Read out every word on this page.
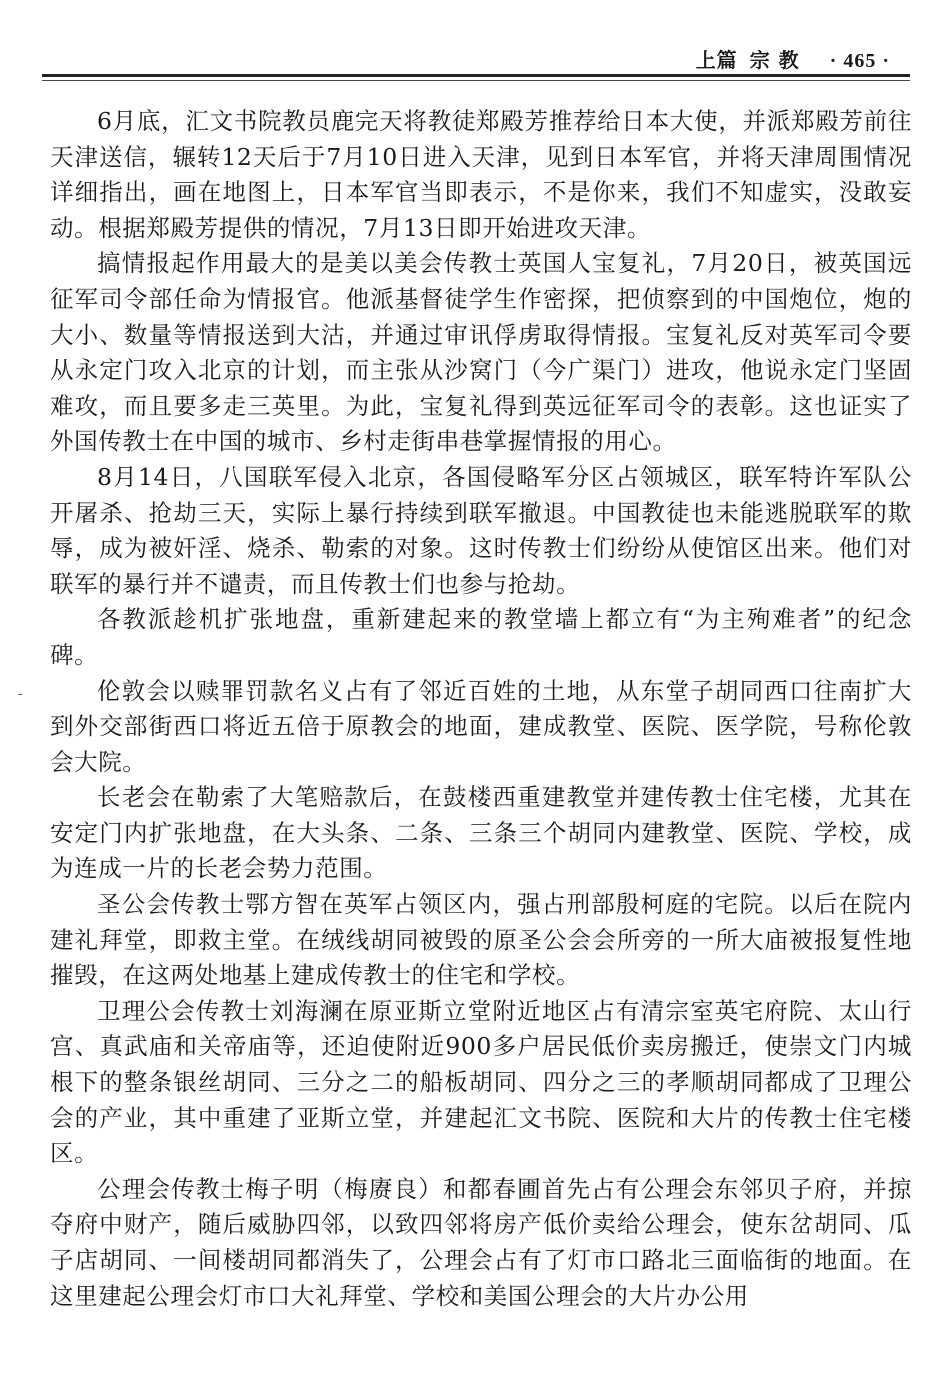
上篇 宗 教 · 465 ·
-

6月底，汇文书院教员鹿完天将教徒郑殿芳推荐给日本大使，并派郑殿芳前往天津送信，辗转12天后于7月10日进入天津，见到日本军官，并将天津周围情况详细指出，画在地图上，日本军官当即表示，不是你来，我们不知虚实，没敢妄动。根据郑殿芳提供的情况，7月13日即开始进攻天津。

搞情报起作用最大的是美以美会传教士英国人宝复礼，7月20日，被英国远征军司令部任命为情报官。他派基督徒学生作密探，把侦察到的中国炮位，炮的大小、数量等情报送到大沽，并通过审讯俘虏取得情报。宝复礼反对英军司令要从永定门攻入北京的计划，而主张从沙窝门（今广渠门）进攻，他说永定门坚固难攻，而且要多走三英里。为此，宝复礼得到英远征军司令的表彰。这也证实了外国传教士在中国的城市、乡村走街串巷掌握情报的用心。

8月14日，八国联军侵入北京，各国侵略军分区占领城区，联军特许军队公开屠杀、抢劫三天，实际上暴行持续到联军撤退。中国教徒也未能逃脱联军的欺辱，成为被奸淫、烧杀、勒索的对象。这时传教士们纷纷从使馆区出来。他们对联军的暴行并不谴责，而且传教士们也参与抢劫。

各教派趁机扩张地盘，重新建起来的教堂墙上都立有“为主殉难者”的纪念碑。

伦敦会以赎罪罚款名义占有了邻近百姓的土地，从东堂子胡同西口往南扩大到外交部街西口将近五倍于原教会的地面，建成教堂、医院、医学院，号称伦敦会大院。

长老会在勒索了大笔赔款后，在鼓楼西重建教堂并建传教士住宅楼，尤其在安定门内扩张地盘，在大头条、二条、三条三个胡同内建教堂、医院、学校，成为连成一片的长老会势力范围。

圣公会传教士鄂方智在英军占领区内，强占刑部殷柯庭的宅院。以后在院内建礼拜堂，即救主堂。在绒线胡同被毁的原圣公会会所旁的一所大庙被报复性地摧毁，在这两处地基上建成传教士的住宅和学校。

卫理公会传教士刘海澜在原亚斯立堂附近地区占有清宗室英宅府院、太山行宫、真武庙和关帝庙等，还迫使附近900多户居民低价卖房搬迁，使崇文门内城根下的整条银丝胡同、三分之二的船板胡同、四分之三的孝顺胡同都成了卫理公会的产业，其中重建了亚斯立堂，并建起汇文书院、医院和大片的传教士住宅楼区。

公理会传教士梅子明（梅赓良）和都春圃首先占有公理会东邻贝子府，并掠夺府中财产，随后威胁四邻，以致四邻将房产低价卖给公理会，使东岔胡同、瓜子店胡同、一间楼胡同都消失了，公理会占有了灯市口路北三面临街的地面。在这里建起公理会灯市口大礼拜堂、学校和美国公理会的大片办公用
